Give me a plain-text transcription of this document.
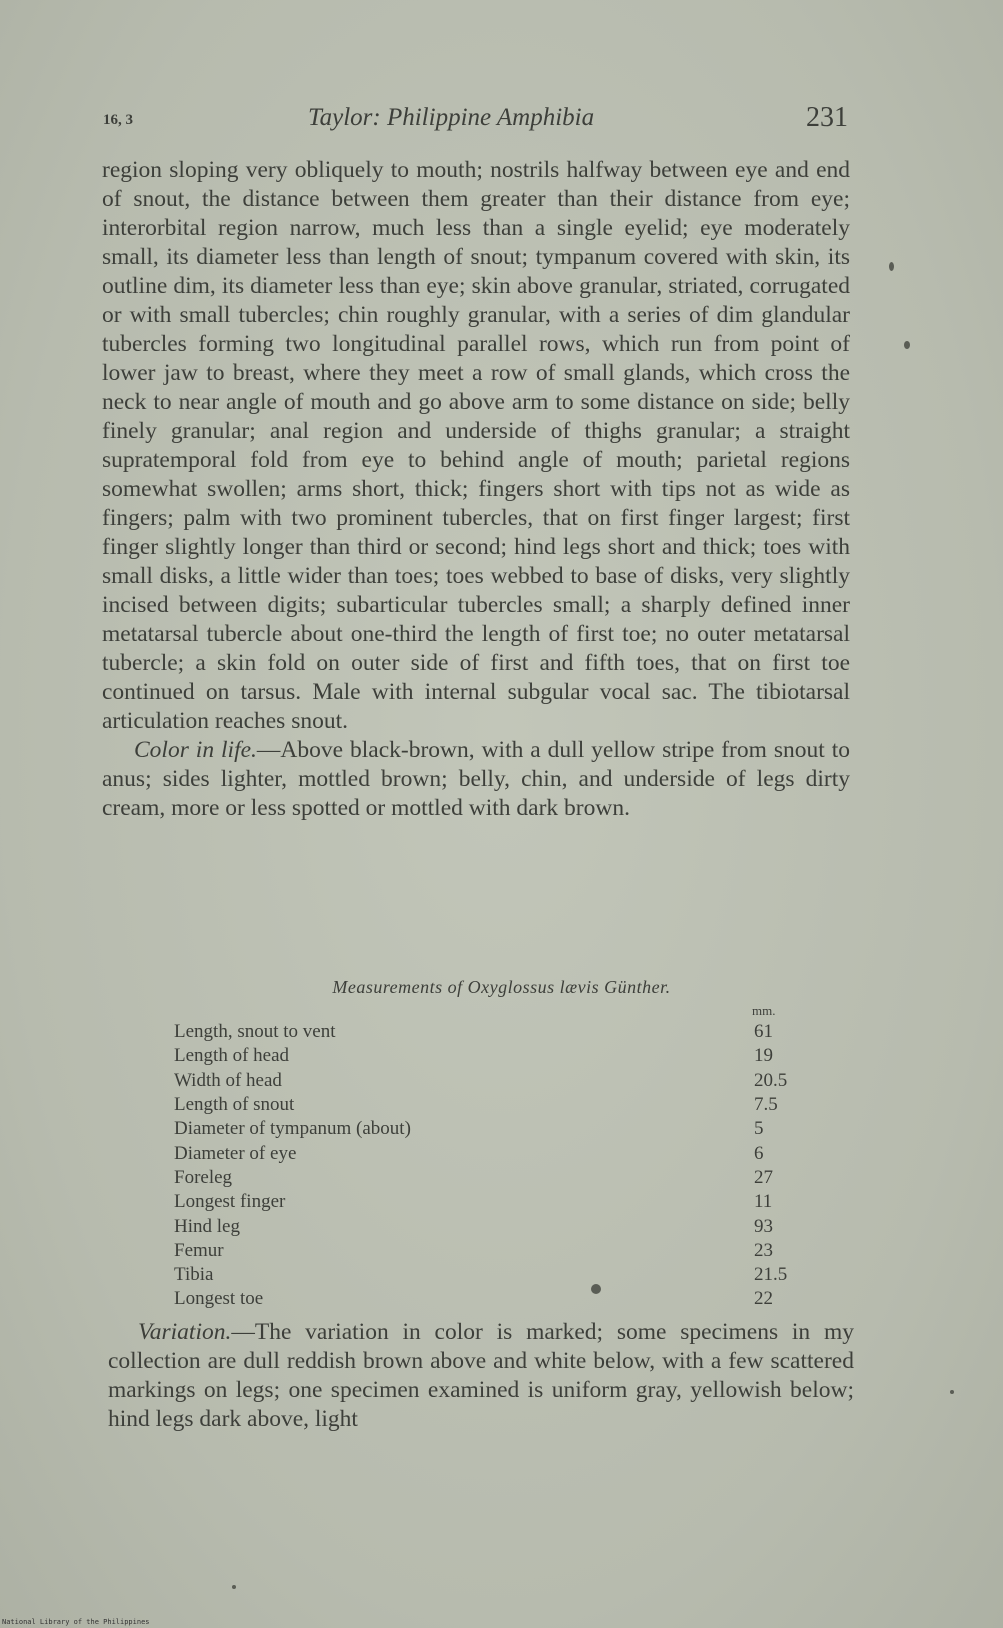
16, 3	Taylor: Philippine Amphibia	231

region sloping very obliquely to mouth; nostrils halfway between eye and end of snout, the distance between them greater than their distance from eye; interorbital region narrow, much less than a single eyelid; eye moderately small, its diameter less than length of snout; tympanum covered with skin, its outline dim, its diameter less than eye; skin above granular, striated, corrugated or with small tubercles; chin roughly granular, with a series of dim glandular tubercles forming two longitudinal parallel rows, which run from point of lower jaw to breast, where they meet a row of small glands, which cross the neck to near angle of mouth and go above arm to some distance on side; belly finely granular; anal region and underside of thighs granular; a straight supratemporal fold from eye to behind angle of mouth; parietal regions somewhat swollen; arms short, thick; fingers short with tips not as wide as fingers; palm with two prominent tubercles, that on first finger largest; first finger slightly longer than third or second; hind legs short and thick; toes with small disks, a little wider than toes; toes webbed to base of disks, very slightly incised between digits; subarticular tubercles small; a sharply defined inner metatarsal tubercle about one-third the length of first toe; no outer metatarsal tubercle; a skin fold on outer side of first and fifth toes, that on first toe continued on tarsus. Male with internal subgular vocal sac. The tibiotarsal articulation reaches snout.

Color in life.—Above black-brown, with a dull yellow stripe from snout to anus; sides lighter, mottled brown; belly, chin, and underside of legs dirty cream, more or less spotted or mottled with dark brown.

Measurements of Oxyglossus lævis Günther.
mm.
Length, snout to vent	61
Length of head	19
Width of head	20.5
Length of snout	7.5
Diameter of tympanum (about)	5
Diameter of eye	6
Foreleg	27
Longest finger	11
Hind leg	93
Femur	23
Tibia	21.5
Longest toe	22

Variation.—The variation in color is marked; some specimens in my collection are dull reddish brown above and white below, with a few scattered markings on legs; one specimen examined is uniform gray, yellowish below; hind legs dark above, light

National Library of the Philippines
